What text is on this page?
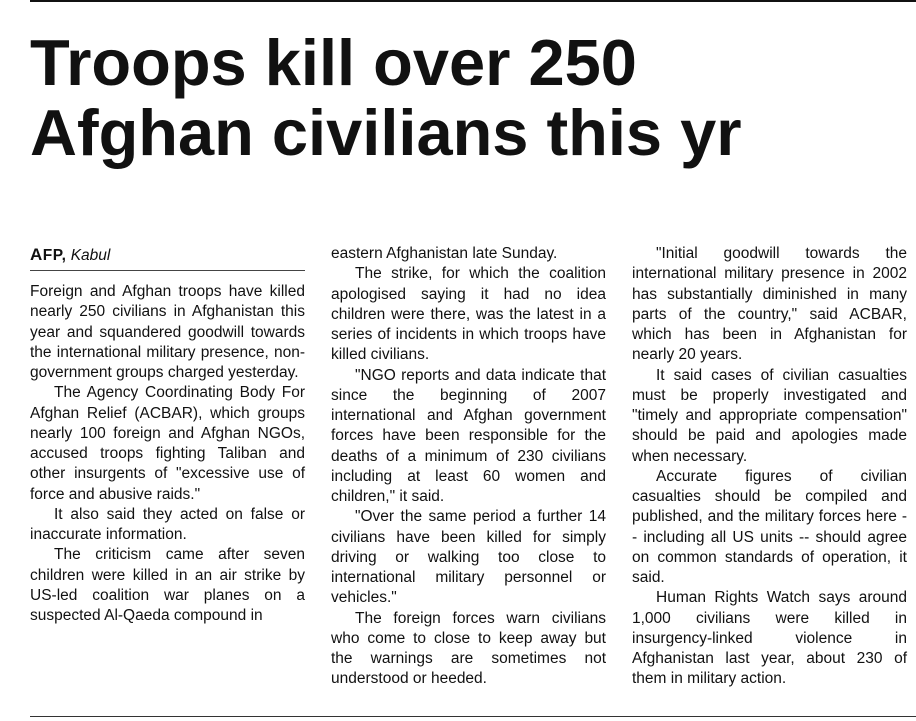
Troops kill over 250
Afghan civilians this yr
AFP, Kabul

Foreign and Afghan troops have killed nearly 250 civilians in Afghanistan this year and squandered goodwill towards the international military presence, non-government groups charged yesterday.

The Agency Coordinating Body For Afghan Relief (ACBAR), which groups nearly 100 foreign and Afghan NGOs, accused troops fighting Taliban and other insurgents of "excessive use of force and abusive raids."

It also said they acted on false or inaccurate information.

The criticism came after seven children were killed in an air strike by US-led coalition war planes on a suspected Al-Qaeda compound in

eastern Afghanistan late Sunday.

The strike, for which the coalition apologised saying it had no idea children were there, was the latest in a series of incidents in which troops have killed civilians.

"NGO reports and data indicate that since the beginning of 2007 international and Afghan government forces have been responsible for the deaths of a minimum of 230 civilians including at least 60 women and children," it said.

"Over the same period a further 14 civilians have been killed for simply driving or walking too close to international military personnel or vehicles."

The foreign forces warn civilians who come to close to keep away but the warnings are sometimes not understood or heeded.

"Initial goodwill towards the international military presence in 2002 has substantially diminished in many parts of the country," said ACBAR, which has been in Afghanistan for nearly 20 years.

It said cases of civilian casualties must be properly investigated and "timely and appropriate compensation" should be paid and apologies made when necessary.

Accurate figures of civilian casualties should be compiled and published, and the military forces here -- including all US units -- should agree on common standards of operation, it said.

Human Rights Watch says around 1,000 civilians were killed in insurgency-linked violence in Afghanistan last year, about 230 of them in military action.
